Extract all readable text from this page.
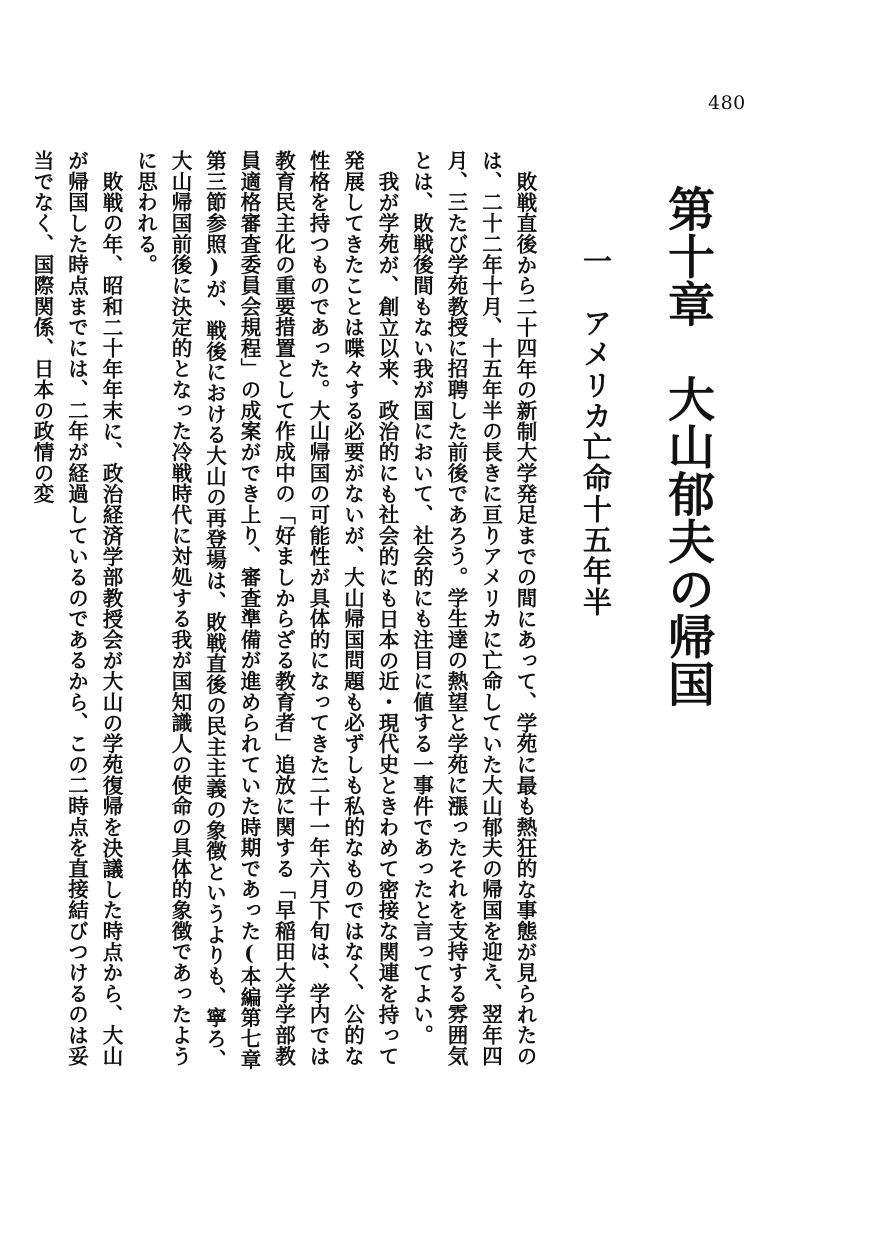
480
第十章　大山郁夫の帰国
一　アメリカ亡命十五年半

敗戦直後から二十四年の新制大学発足までの間にあって、学苑に最も熱狂的な事態が見られたのは、二十二年十月、十五年半の長きに亘りアメリカに亡命していた大山郁夫の帰国を迎え、翌年四月、三たび学苑教授に招聘した前後であろう。学生達の熱望と学苑に漲ったそれを支持する雰囲気とは、敗戦後間もない我が国において、社会的にも注目に値する一事件であったと言ってよい。

我が学苑が、創立以来、政治的にも社会的にも日本の近・現代史ときわめて密接な関連を持って発展してきたことは喋々する必要がないが、大山帰国問題も必ずしも私的なものではなく、公的な性格を持つものであった。大山帰国の可能性が具体的になってきた二十一年六月下旬は、学内では教育民主化の重要措置として作成中の「好ましからざる教育者」追放に関する「早稲田大学学部教員適格審査委員会規程」の成案ができ上り、審査準備が進められていた時期であった(本編第七章第三節参照)が、戦後における大山の再登場は、敗戦直後の民主主義の象徴というよりも、寧ろ、大山帰国前後に決定的となった冷戦時代に対処する我が国知識人の使命の具体的象徴であったように思われる。

敗戦の年、昭和二十年年末に、政治経済学部教授会が大山の学苑復帰を決議した時点から、大山が帰国した時点までには、二年が経過しているのであるから、この二時点を直接結びつけるのは妥当でなく、国際関係、日本の政情の変
